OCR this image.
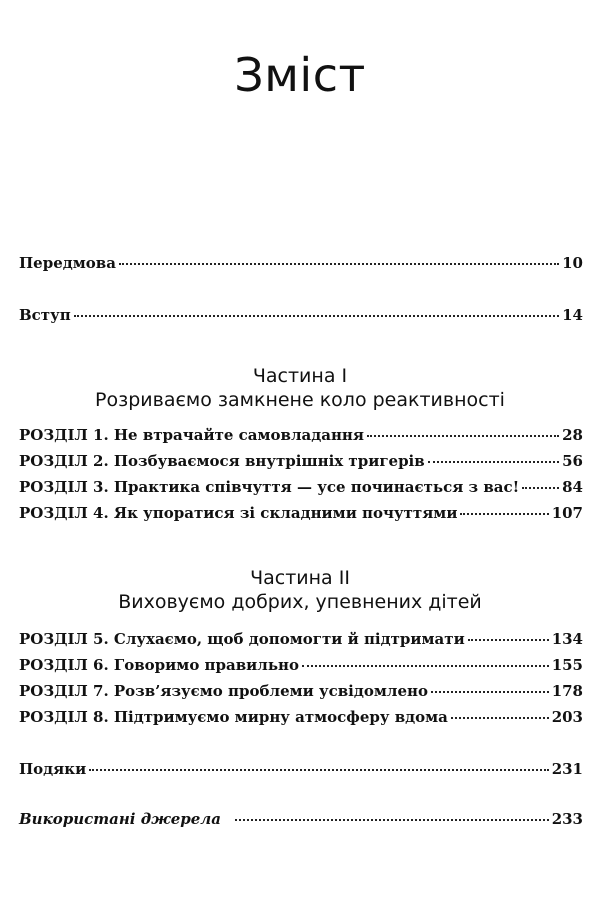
Зміст
Передмова	10
Вступ	14
Частина І
Розриваємо замкнене коло реактивності
РОЗДІЛ 1. Не втрачайте самовладання	28
РОЗДІЛ 2. Позбуваємося внутрішніх тригерів	56
РОЗДІЛ 3. Практика співчуття — усе починається з вас!	84
РОЗДІЛ 4. Як упоратися зі складними почуттями	107
Частина ІІ
Виховуємо добрих, упевнених дітей
РОЗДІЛ 5. Слухаємо, щоб допомогти й підтримати	134
РОЗДІЛ 6. Говоримо правильно	155
РОЗДІЛ 7. Розв’язуємо проблеми усвідомлено	178
РОЗДІЛ 8. Підтримуємо мирну атмосферу вдома	203
Подяки	231
Використані джерела	233
